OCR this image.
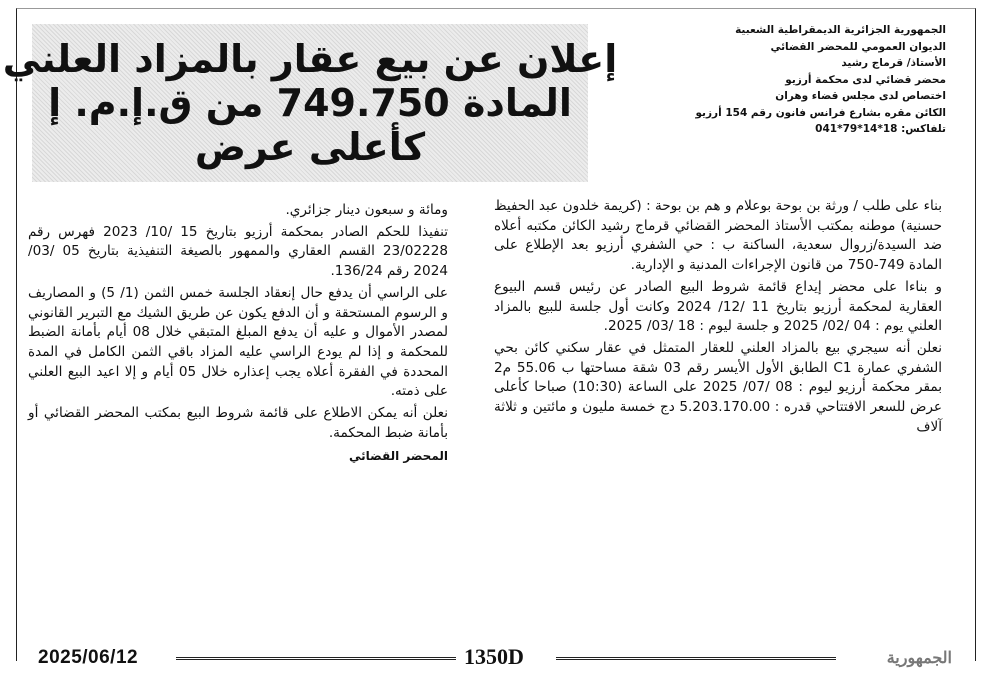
إعلان عن بيع عقار بالمزاد العلني
المادة 749.750 من ق.إ.م. إ
كأعلى عرض
الجمهورية الجزائرية الديمقراطية الشعبية
الديوان العمومي للمحضر القضائي
الأستاذ/ قرماج رشيد
محضر قضائي لدى محكمة أرزيو
اختصاص لدى مجلس قضاء وهران
الكائن مقره بشارع فرانس فانون رقم 154 أرزيو
تلفاكس: 18*14*79*041

بناء على طلب / ورثة بن بوحة بوعلام و هم بن بوحة : (كريمة خلدون عبد الحفيظ حسنية) موطنه بمكتب الأستاذ المحضر القضائي قرماج رشيد الكائن مكتبه أعلاه ضد السيدة/زروال سعدية، الساكنة ب : حي الشفري أرزيو بعد الإطلاع على المادة 749-750 من قانون الإجراءات المدنية و الإدارية.

و بناءا على محضر إيداع قائمة شروط البيع الصادر عن رئيس قسم البيوع العقارية لمحكمة أرزيو بتاريخ 11 /12/ 2024 وكانت أول جلسة للبيع بالمزاد العلني يوم : 04 /02/ 2025 و جلسة ليوم : 18 /03/ 2025.

نعلن أنه سيجري بيع بالمزاد العلني للعقار المتمثل في عقار سكني كائن بحي الشفري عمارة C1 الطابق الأول الأيسر رقم 03 شقة مساحتها ب 55.06 م2 بمقر محكمة أرزيو ليوم : 08 /07/ 2025 على الساعة (10:30) صباحا كأعلى عرض للسعر الافتتاحي قدره : 5.203.170.00 دج خمسة مليون و مائتين و ثلاثة آلاف

ومائة و سبعون دينار جزائري.

تنفيذا للحكم الصادر بمحكمة أرزيو بتاريخ 15 /10/ 2023 فهرس رقم 23/02228 القسم العقاري والممهور بالصيغة التنفيذية بتاريخ 05 /03/ 2024 رقم 136/24.

على الراسي أن يدفع حال إنعقاد الجلسة خمس الثمن (1/ 5) و المصاريف و الرسوم المستحقة و أن الدفع يكون عن طريق الشيك مع التبرير القانوني لمصدر الأموال و عليه أن يدفع المبلغ المتبقي خلال 08 أيام بأمانة الضبط للمحكمة و إذا لم يودع الراسي عليه المزاد باقي الثمن الكامل في المدة المحددة في الفقرة أعلاه يجب إعذاره خلال 05 أيام و إلا اعيد البيع العلني على ذمته.

نعلن أنه يمكن الاطلاع على قائمة شروط البيع بمكتب المحضر القضائي أو بأمانة ضبط المحكمة.

المحضر القضائي
2025/06/12	1350D	الجمهورية
